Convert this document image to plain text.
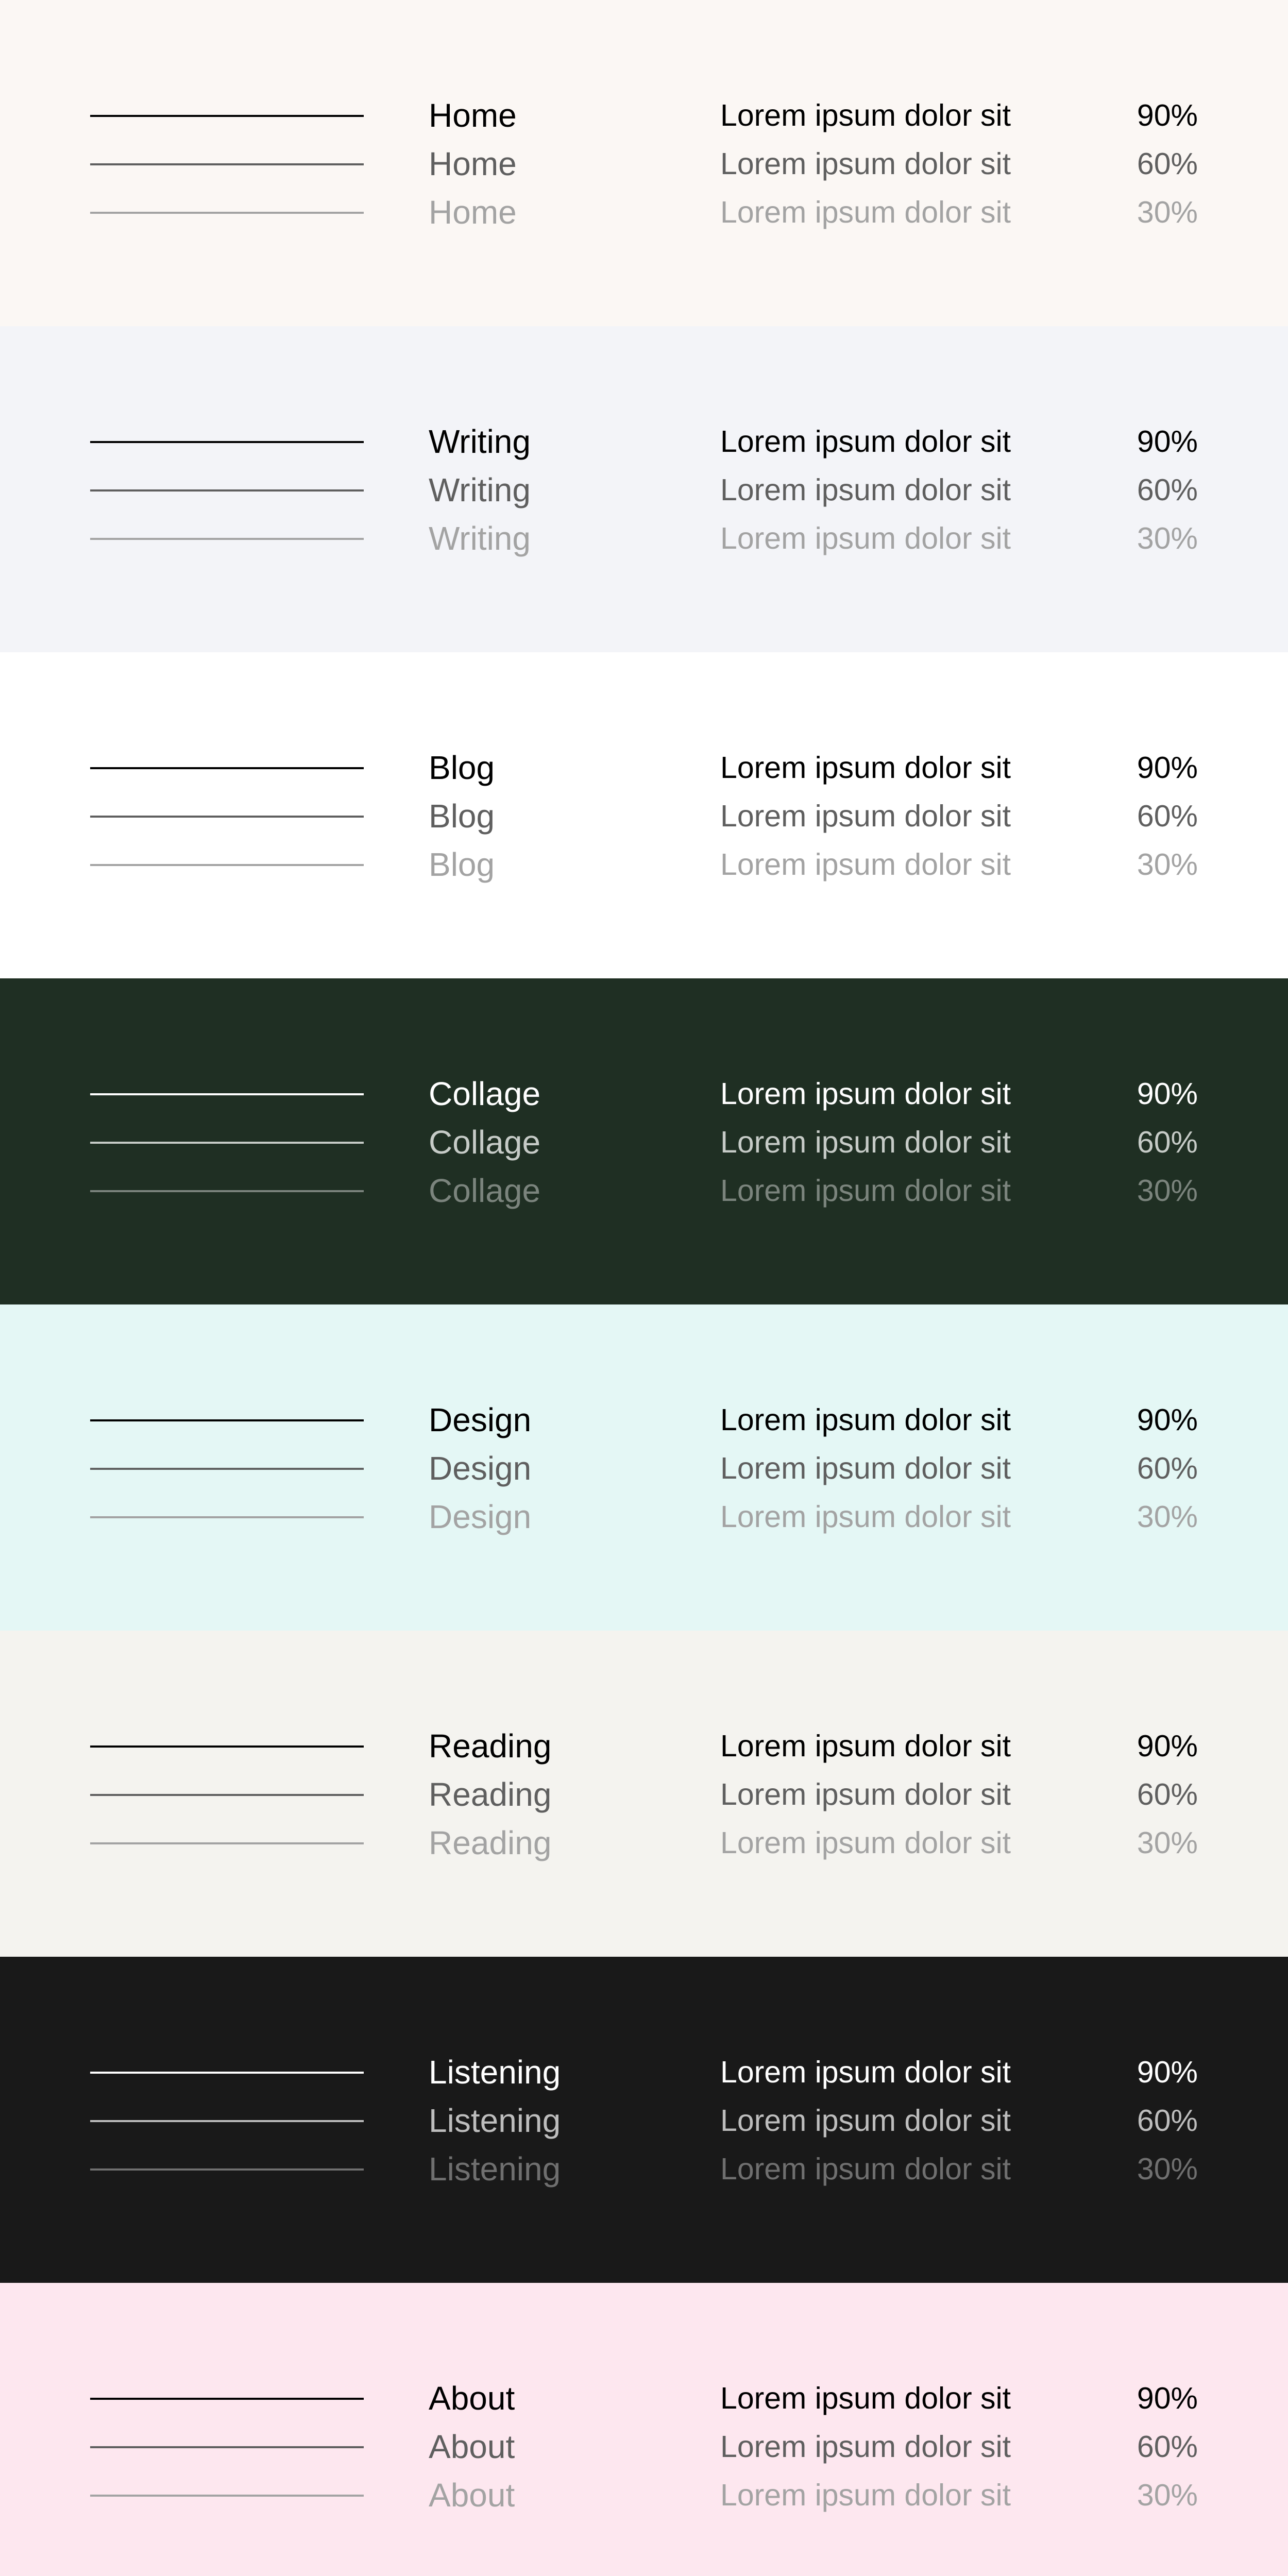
Home	Lorem ipsum dolor sit	90%
Home	Lorem ipsum dolor sit	60%
Home	Lorem ipsum dolor sit	30%
Writing	Lorem ipsum dolor sit	90%
Writing	Lorem ipsum dolor sit	60%
Writing	Lorem ipsum dolor sit	30%
Blog	Lorem ipsum dolor sit	90%
Blog	Lorem ipsum dolor sit	60%
Blog	Lorem ipsum dolor sit	30%
Collage	Lorem ipsum dolor sit	90%
Collage	Lorem ipsum dolor sit	60%
Collage	Lorem ipsum dolor sit	30%
Design	Lorem ipsum dolor sit	90%
Design	Lorem ipsum dolor sit	60%
Design	Lorem ipsum dolor sit	30%
Reading	Lorem ipsum dolor sit	90%
Reading	Lorem ipsum dolor sit	60%
Reading	Lorem ipsum dolor sit	30%
Listening	Lorem ipsum dolor sit	90%
Listening	Lorem ipsum dolor sit	60%
Listening	Lorem ipsum dolor sit	30%
About	Lorem ipsum dolor sit	90%
About	Lorem ipsum dolor sit	60%
About	Lorem ipsum dolor sit	30%
